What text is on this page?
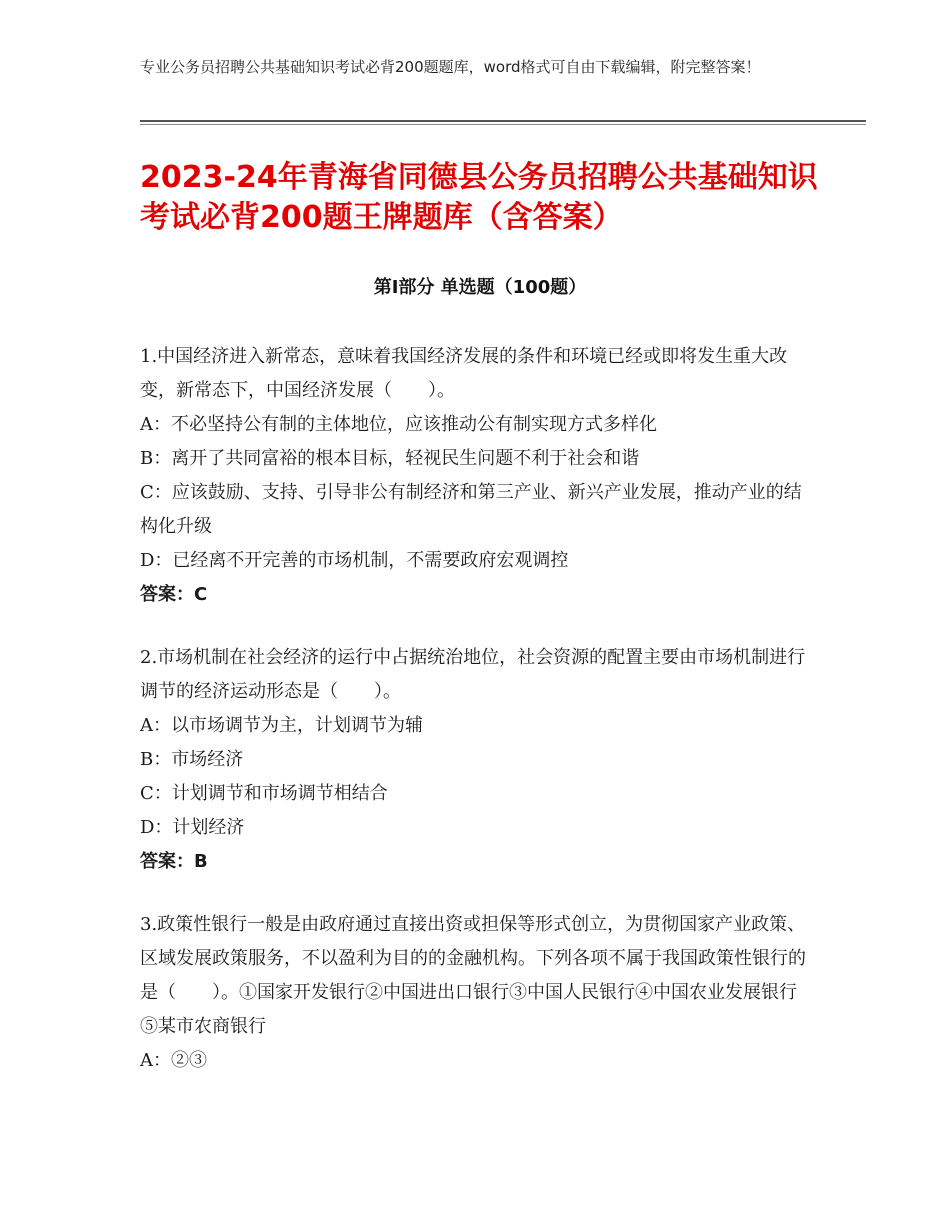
专业公务员招聘公共基础知识考试必背200题题库，word格式可自由下载编辑，附完整答案！
2023-24年青海省同德县公务员招聘公共基础知识考试必背200题王牌题库（含答案）
第Ⅰ部分 单选题（100题）

1.中国经济进入新常态，意味着我国经济发展的条件和环境已经或即将发生重大改变，新常态下，中国经济发展（　　）。

A：不必坚持公有制的主体地位，应该推动公有制实现方式多样化

B：离开了共同富裕的根本目标，轻视民生问题不利于社会和谐

C：应该鼓励、支持、引导非公有制经济和第三产业、新兴产业发展，推动产业的结构化升级

D：已经离不开完善的市场机制，不需要政府宏观调控

答案：C

2.市场机制在社会经济的运行中占据统治地位，社会资源的配置主要由市场机制进行调节的经济运动形态是（　　）。

A：以市场调节为主，计划调节为辅

B：市场经济

C：计划调节和市场调节相结合

D：计划经济

答案：B

3.政策性银行一般是由政府通过直接出资或担保等形式创立，为贯彻国家产业政策、区域发展政策服务，不以盈利为目的的金融机构。下列各项不属于我国政策性银行的是（　　）。①国家开发银行②中国进出口银行③中国人民银行④中国农业发展银行⑤某市农商银行

A：②③
